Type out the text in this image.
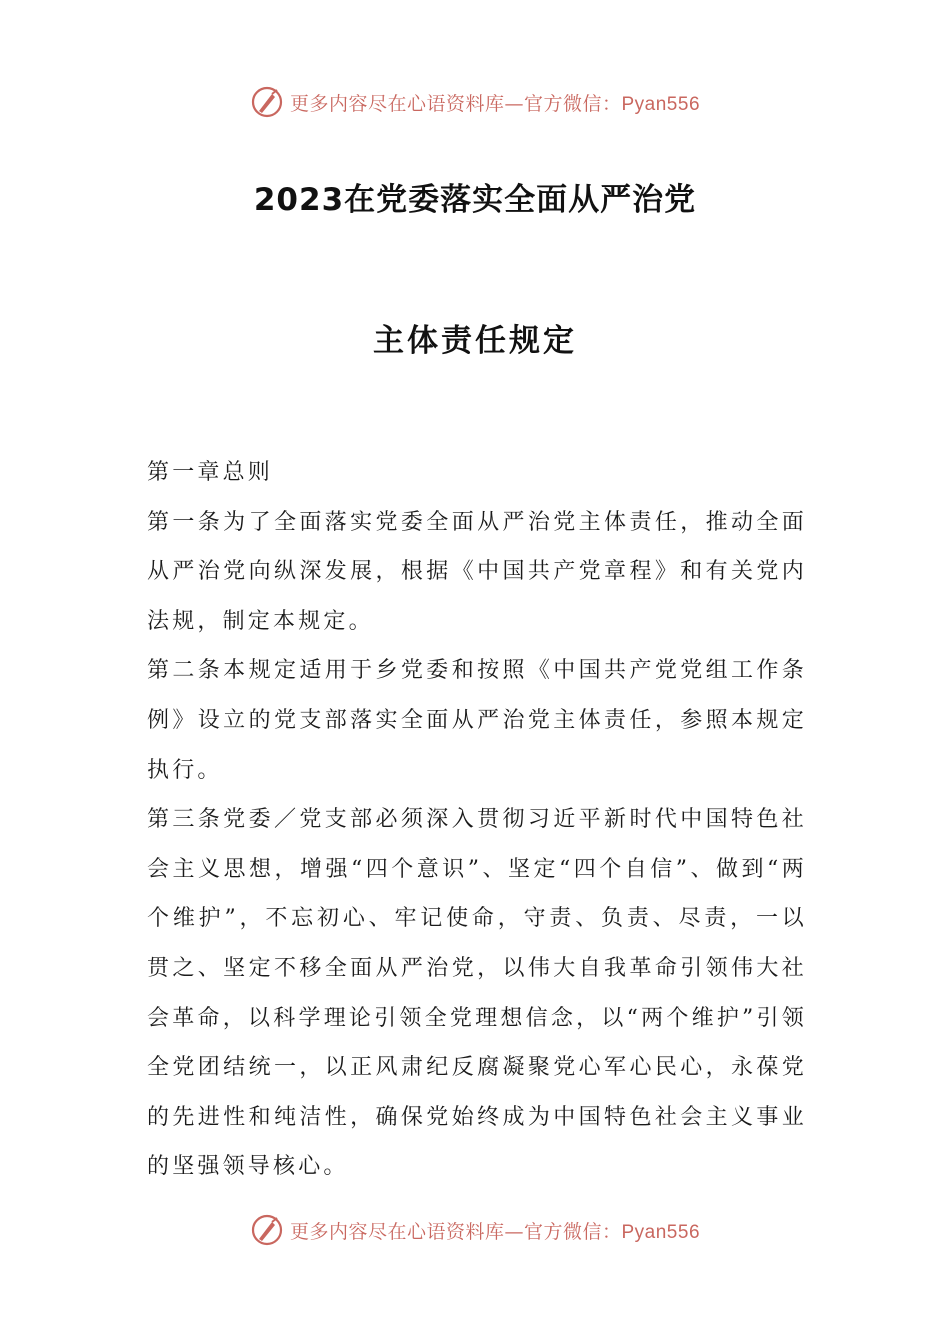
更多内容尽在心语资料库—官方微信：Pyan556
2023在党委落实全面从严治党
主体责任规定

第一章总则

第一条为了全面落实党委全面从严治党主体责任，推动全面从严治党向纵深发展，根据《中国共产党章程》和有关党内法规，制定本规定。

第二条本规定适用于乡党委和按照《中国共产党党组工作条例》设立的党支部落实全面从严治党主体责任，参照本规定执行。

第三条党委／党支部必须深入贯彻习近平新时代中国特色社会主义思想，增强“四个意识”、坚定“四个自信”、做到“两个维护”，不忘初心、牢记使命，守责、负责、尽责，一以贯之、坚定不移全面从严治党，以伟大自我革命引领伟大社会革命，以科学理论引领全党理想信念，以“两个维护”引领全党团结统一，以正风肃纪反腐凝聚党心军心民心，永葆党的先进性和纯洁性，确保党始终成为中国特色社会主义事业的坚强领导核心。

更多内容尽在心语资料库—官方微信：Pyan556
